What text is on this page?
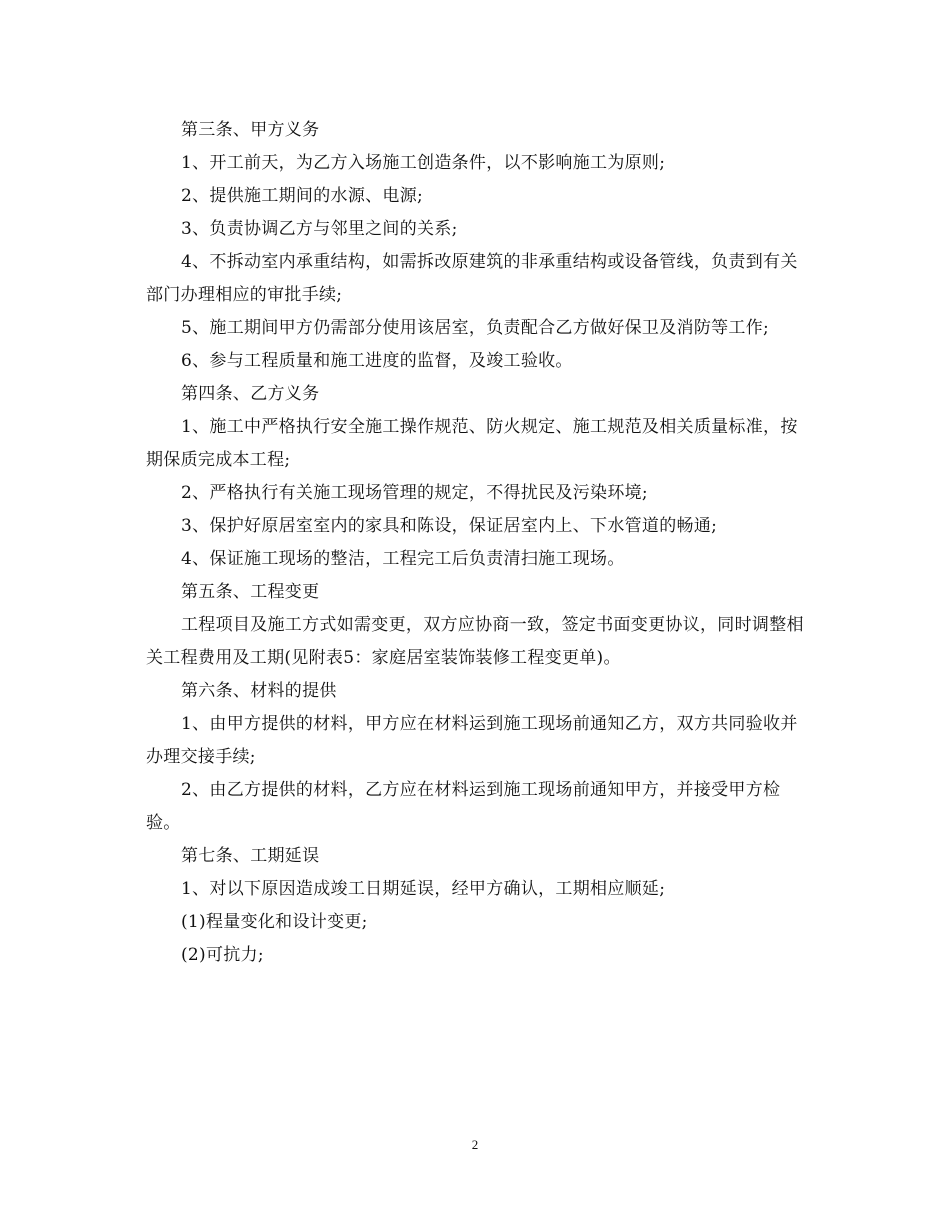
第三条、甲方义务

1、开工前天，为乙方入场施工创造条件，以不影响施工为原则;

2、提供施工期间的水源、电源;

3、负责协调乙方与邻里之间的关系;

4、不拆动室内承重结构，如需拆改原建筑的非承重结构或设备管线，负责到有关部门办理相应的审批手续;

5、施工期间甲方仍需部分使用该居室，负责配合乙方做好保卫及消防等工作;

6、参与工程质量和施工进度的监督，及竣工验收。

第四条、乙方义务

1、施工中严格执行安全施工操作规范、防火规定、施工规范及相关质量标准，按期保质完成本工程;

2、严格执行有关施工现场管理的规定，不得扰民及污染环境;

3、保护好原居室室内的家具和陈设，保证居室内上、下水管道的畅通;

4、保证施工现场的整洁，工程完工后负责清扫施工现场。

第五条、工程变更

工程项目及施工方式如需变更，双方应协商一致，签定书面变更协议，同时调整相关工程费用及工期(见附表5：家庭居室装饰装修工程变更单)。

第六条、材料的提供

1、由甲方提供的材料，甲方应在材料运到施工现场前通知乙方，双方共同验收并办理交接手续;

2、由乙方提供的材料，乙方应在材料运到施工现场前通知甲方，并接受甲方检验。

第七条、工期延误

1、对以下原因造成竣工日期延误，经甲方确认，工期相应顺延;

(1)程量变化和设计变更;

(2)可抗力;

2
